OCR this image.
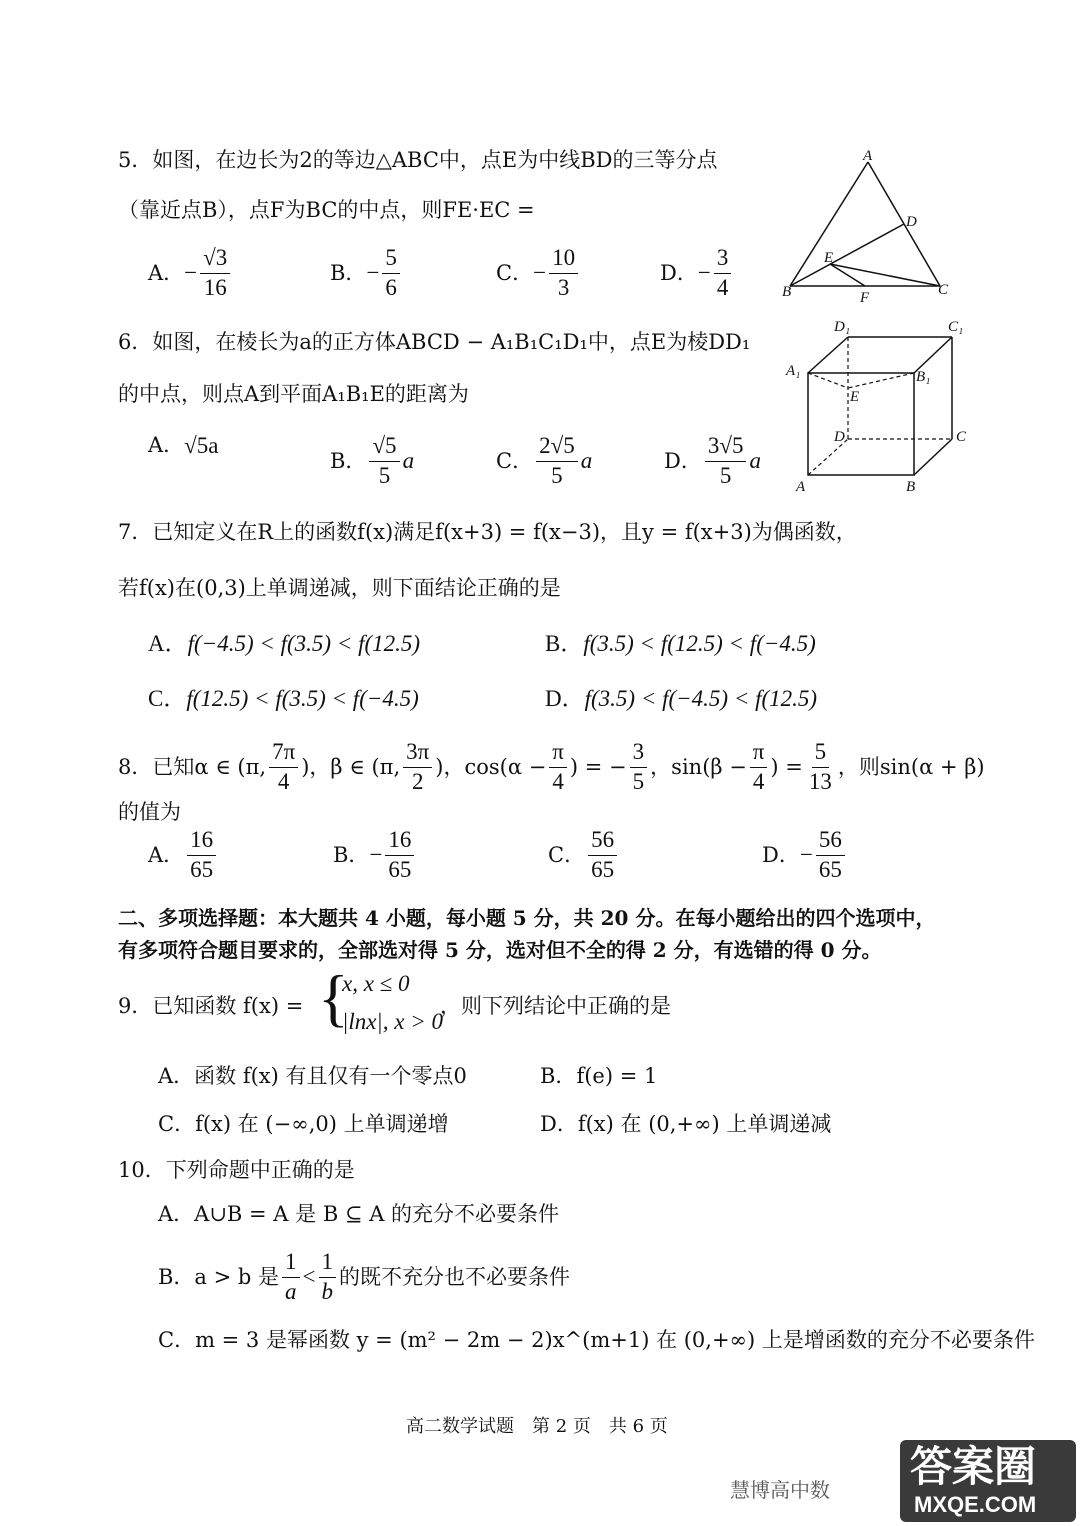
5．如图，在边长为2的等边△ABC中，点E为中线BD的三等分点
（靠近点B），点F为BC的中点，则FE·EC =
A． − $\frac{√3}{16}$	B． − $\frac{5}{6}$	C． − $\frac{10}{3}$	D． − $\frac{3}{4}$
A
D
E
B	F	C
6．如图，在棱长为a的正方体ABCD − A₁B₁C₁D₁中，点E为棱DD₁
的中点，则点A到平面A₁B₁E的距离为
A． √5a
B． $\frac{√5}{5}$ a	C． $\frac{2√5}{5}$ a	D． $\frac{3√5}{5}$ a
D₁	C₁
A₁	B₁
E
D	C
A	B
7．已知定义在R上的函数f(x)满足f(x+3) = f(x−3)，且y = f(x+3)为偶函数，
若f(x)在(0,3)上单调递减，则下面结论正确的是
A．f(−4.5) < f(3.5) < f(12.5)	B．f(3.5) < f(12.5) < f(−4.5)
C．f(12.5) < f(3.5) < f(−4.5)	D．f(3.5) < f(−4.5) < f(12.5)
8．已知α ∈ (π, $\frac{7\pi}{4}$ )，β ∈ (π, $\frac{3\pi}{2}$ )，$\cos(\alpha - \frac{\pi}{4}$ ) = − $\frac{3}{5}$ ，$\sin(\beta - \frac{\pi}{4}$ ) = $\frac{5}{13}$ ，则sin(α + β)
的值为
A． $\frac{16}{65}$	B． − $\frac{16}{65}$	C． $\frac{56}{65}$	D． − $\frac{56}{65}$
二、多项选择题：本大题共 4 小题，每小题 5 分，共 20 分。在每小题给出的四个选项中，
有多项符合题目要求的，全部选对得 5 分，选对但不全的得 2 分，有选错的得 0 分。
9．已知函数 f(x) = {
x, x ≤ 0
|lnx|, x > 0
，则下列结论中正确的是
A．函数 f(x) 有且仅有一个零点0	B．f(e) = 1
C．f(x) 在 (−∞,0) 上单调递增	D．f(x) 在 (0,+∞) 上单调递减
10．下列命题中正确的是
A．A∪B = A 是 B ⊆ A 的充分不必要条件
B．a > b 是 $\frac{1}{a} < \frac{1}{b}$ 的既不充分也不必要条件
C．m = 3 是幂函数 y = (m² − 2m − 2)x^(m+1) 在 (0,+∞) 上是增函数的充分不必要条件
高二数学试题　第 2 页　共 6 页
慧博高中数 答案圈
MXQE.COM
